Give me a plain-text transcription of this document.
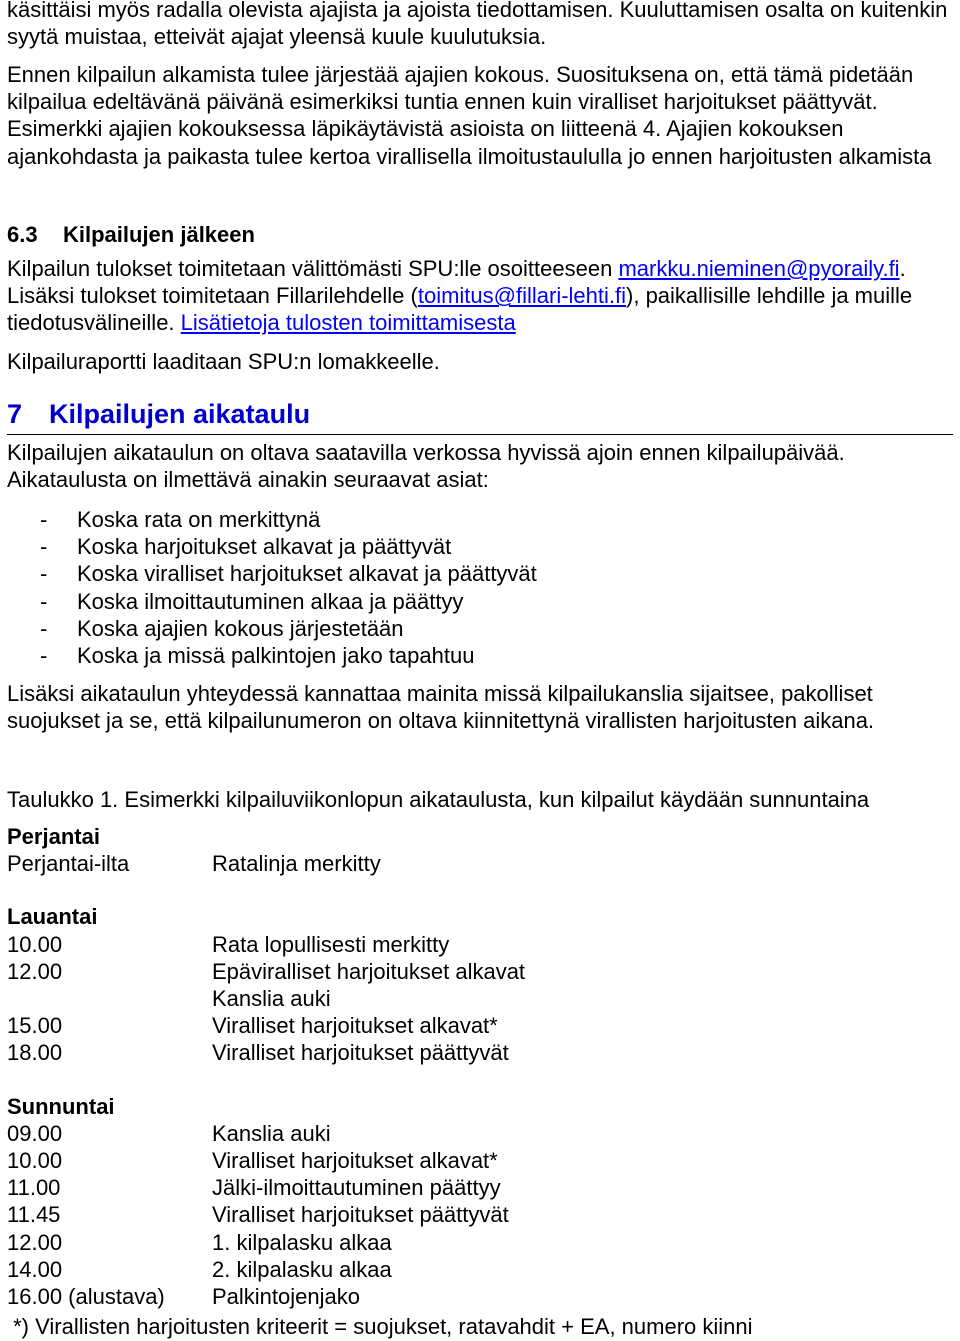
käsittäisi myös radalla olevista ajajista ja ajoista tiedottamisen. Kuuluttamisen osalta on kuitenkin syytä muistaa, etteivät ajajat yleensä kuule kuulutuksia.

Ennen kilpailun alkamista tulee järjestää ajajien kokous. Suosituksena on, että tämä pidetään kilpailua edeltävänä päivänä esimerkiksi tuntia ennen kuin viralliset harjoitukset päättyvät. Esimerkki ajajien kokouksessa läpikäytävistä asioista on liitteenä 4. Ajajien kokouksen ajankohdasta ja paikasta tulee kertoa virallisella ilmoitustaululla jo ennen harjoitusten alkamista

6.3 Kilpailujen jälkeen

Kilpailun tulokset toimitetaan välittömästi SPU:lle osoitteeseen markku.nieminen@pyoraily.fi. Lisäksi tulokset toimitetaan Fillarilehdelle (toimitus@fillari-lehti.fi), paikallisille lehdille ja muille tiedotusvälineille. Lisätietoja tulosten toimittamisesta

Kilpailuraportti laaditaan SPU:n lomakkeelle.

7 Kilpailujen aikataulu

Kilpailujen aikataulun on oltava saatavilla verkossa hyvissä ajoin ennen kilpailupäivää. Aikataulusta on ilmettävä ainakin seuraavat asiat:

-	Koska rata on merkittynä
-	Koska harjoitukset alkavat ja päättyvät
-	Koska viralliset harjoitukset alkavat ja päättyvät
-	Koska ilmoittautuminen alkaa ja päättyy
-	Koska ajajien kokous järjestetään
-	Koska ja missä palkintojen jako tapahtuu

Lisäksi aikataulun yhteydessä kannattaa mainita missä kilpailukanslia sijaitsee, pakolliset suojukset ja se, että kilpailunumeron on oltava kiinnitettynä virallisten harjoitusten aikana.

Taulukko 1. Esimerkki kilpailuviikonlopun aikataulusta, kun kilpailut käydään sunnuntaina

Perjantai
Perjantai-ilta	Ratalinja merkitty
Lauantai
10.00	Rata lopullisesti merkitty
12.00	Epäviralliset harjoitukset alkavat
Kanslia auki
15.00	Viralliset harjoitukset alkavat*
18.00	Viralliset harjoitukset päättyvät
Sunnuntai
09.00	Kanslia auki
10.00	Viralliset harjoitukset alkavat*
11.00	Jälki-ilmoittautuminen päättyy
11.45	Viralliset harjoitukset päättyvät
12.00	1. kilpalasku alkaa
14.00	2. kilpalasku alkaa
16.00 (alustava)	Palkintojenjako

*) Virallisten harjoitusten kriteerit = suojukset, ratavahdit + EA, numero kiinni
